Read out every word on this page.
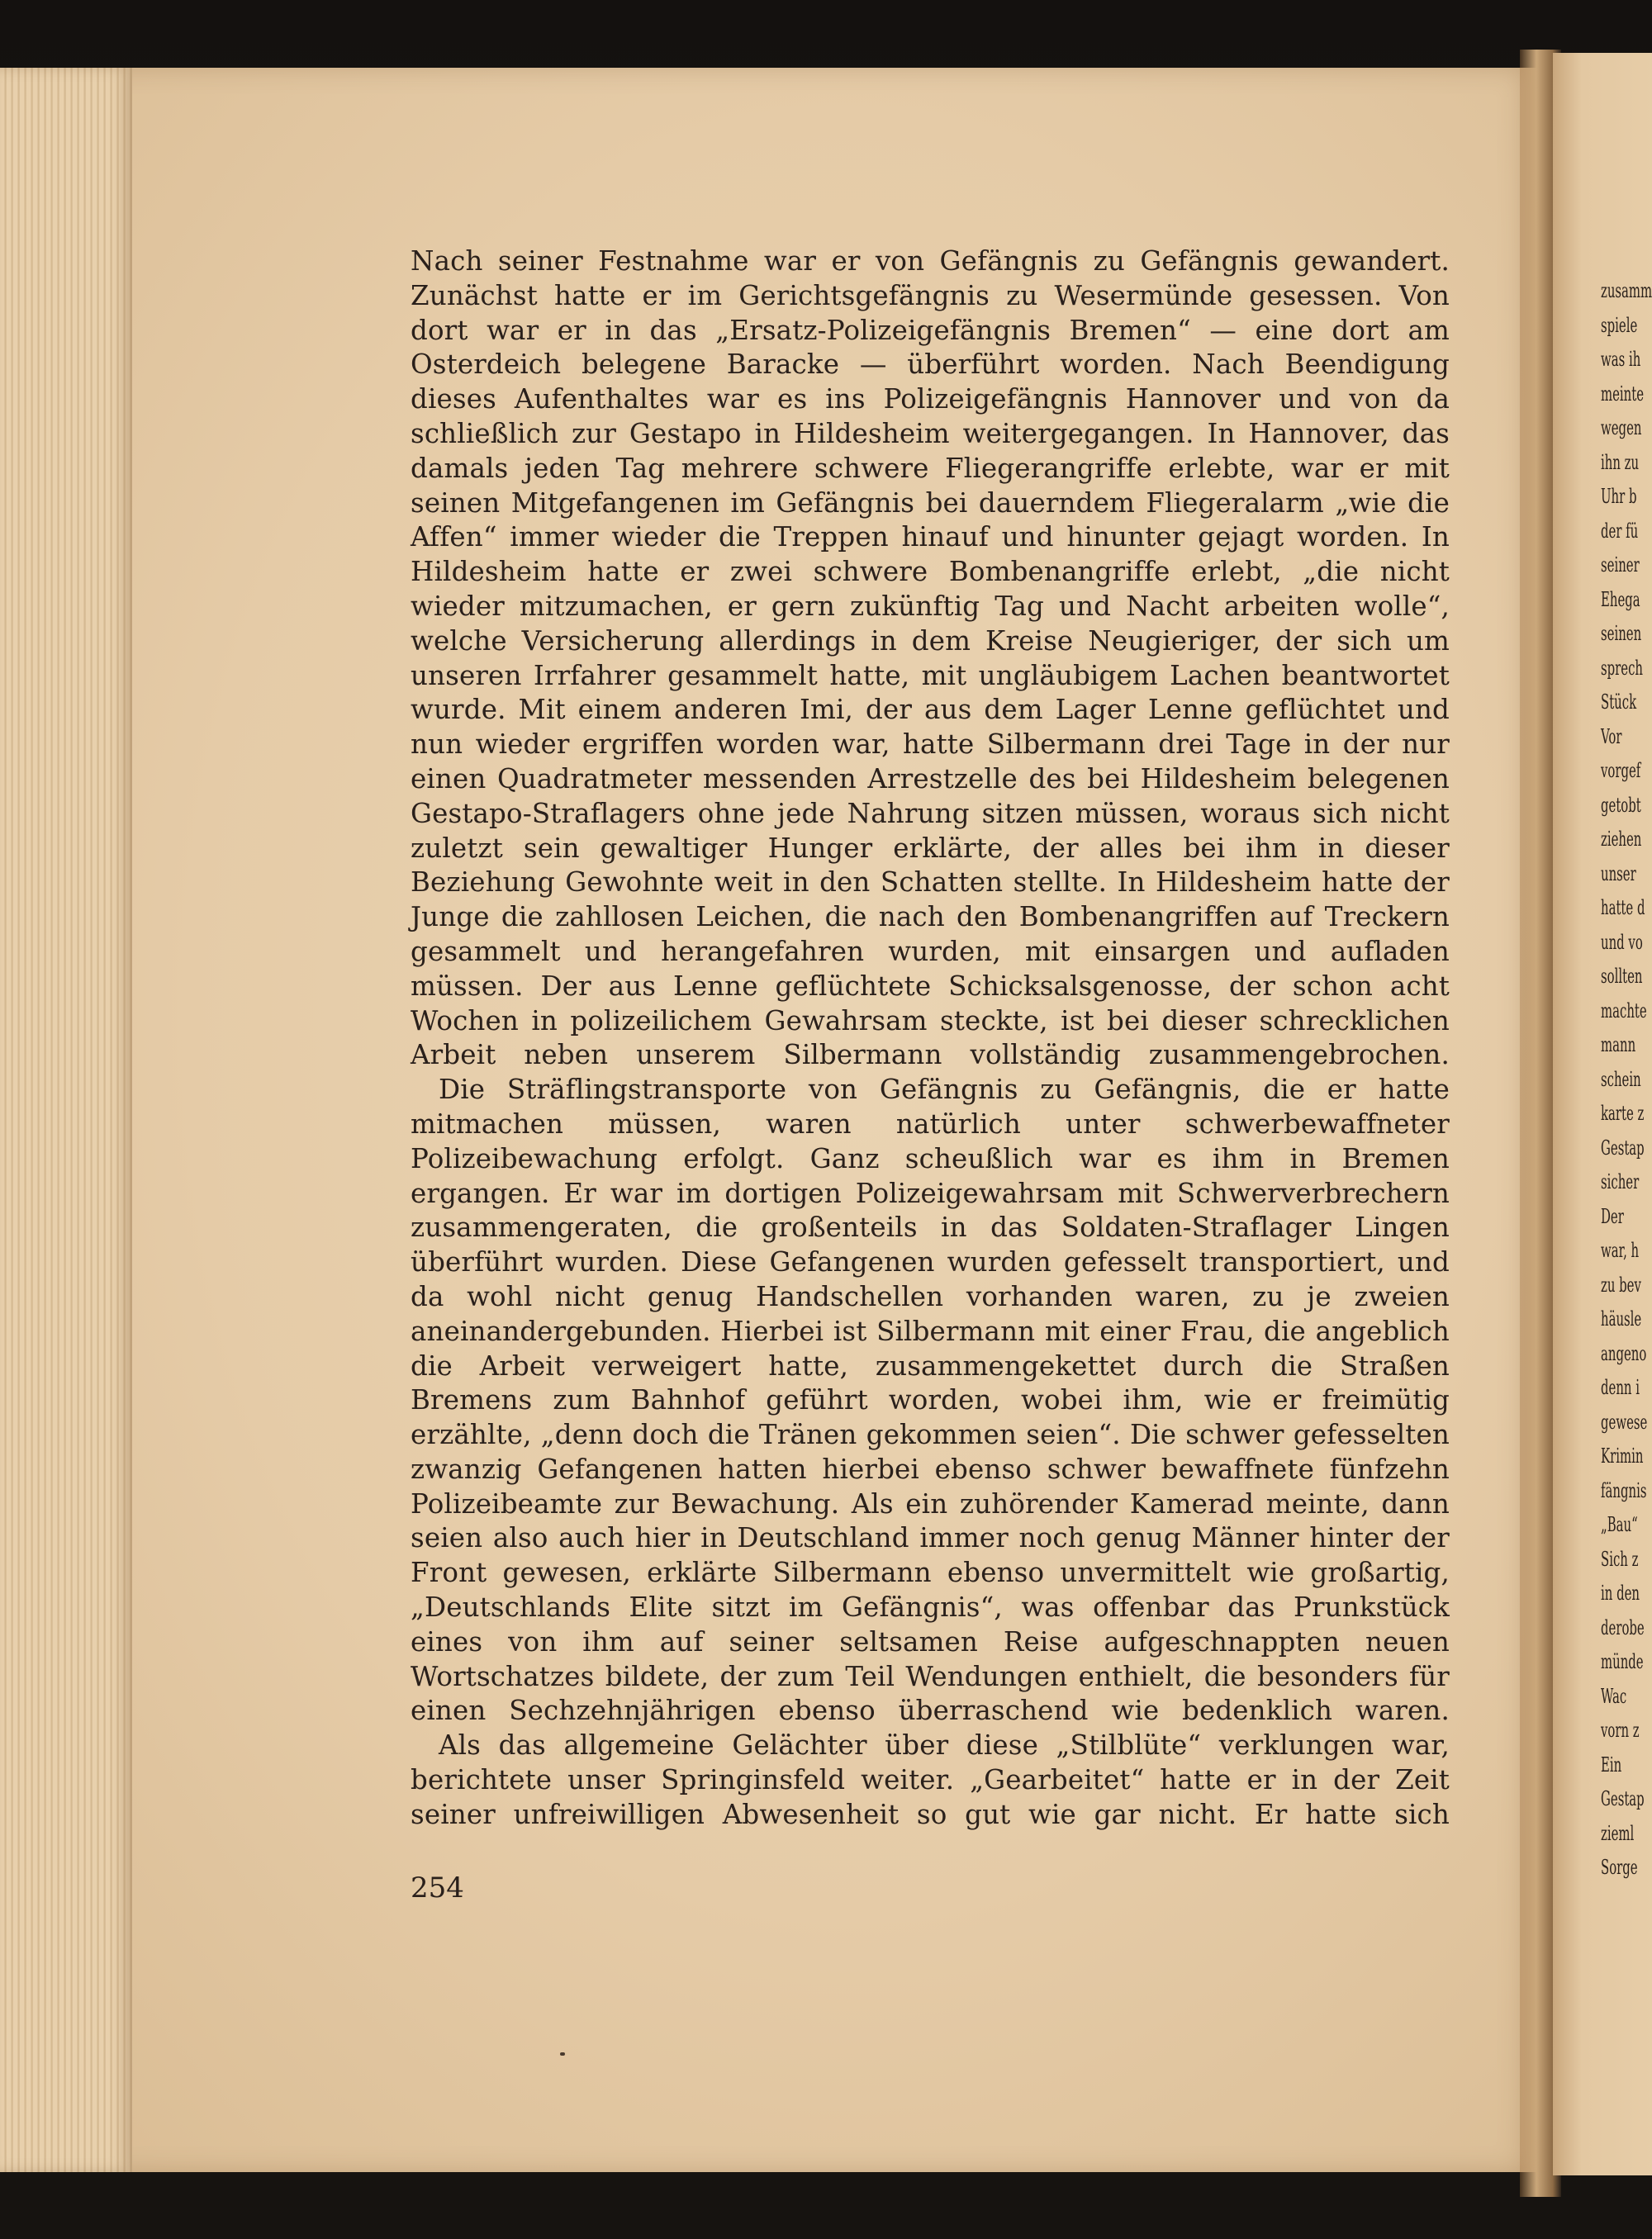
zusamm
spiele
was ih
meinte
wegen
ihn zu
Uhr b
der fü
seiner
Ehega
seinen
sprech
Stück
Vor
vorgef
getobt
ziehen
unser
hatte d
und vo
sollten
machte
mann
schein
karte z
Gestap
sicher
Der
war, h
zu bev
häusle
angeno
denn i
gewese
Krimin
fängnis
„Bau“
Sich z
in den
derobe
münde
Wac
vorn z
Ein
Gestap
zieml
Sorge

Nach seiner Festnahme war er von Gefängnis zu Gefängnis gewandert. Zunächst hatte er im Gerichtsgefängnis zu Wesermünde gesessen. Von dort war er in das „Ersatz-Polizeigefängnis Bremen“ — eine dort am Osterdeich belegene Baracke — überführt worden. Nach Beendigung dieses Aufenthaltes war es ins Polizeigefängnis Hannover und von da schließlich zur Gestapo in Hildesheim weitergegangen. In Hannover, das damals jeden Tag mehrere schwere Fliegerangriffe erlebte, war er mit seinen Mitgefangenen im Gefängnis bei dauerndem Fliegeralarm „wie die Affen“ immer wieder die Treppen hinauf und hinunter gejagt worden. In Hildesheim hatte er zwei schwere Bombenangriffe erlebt, „die nicht wieder mitzumachen, er gern zukünftig Tag und Nacht arbeiten wolle“, welche Versicherung allerdings in dem Kreise Neugieriger, der sich um unseren Irrfahrer gesammelt hatte, mit ungläubigem Lachen beantwortet wurde. Mit einem anderen Imi, der aus dem Lager Lenne geflüchtet und nun wieder ergriffen worden war, hatte Silbermann drei Tage in der nur einen Quadratmeter messenden Arrestzelle des bei Hildesheim belegenen Gestapo-Straflagers ohne jede Nahrung sitzen müssen, woraus sich nicht zuletzt sein gewaltiger Hunger erklärte, der alles bei ihm in dieser Beziehung Gewohnte weit in den Schatten stellte. In Hildesheim hatte der Junge die zahllosen Leichen, die nach den Bombenangriffen auf Treckern gesammelt und herangefahren wurden, mit einsargen und aufladen müssen. Der aus Lenne geflüchtete Schicksalsgenosse, der schon acht Wochen in polizeilichem Gewahrsam steckte, ist bei dieser schrecklichen Arbeit neben unserem Silbermann vollständig zusammengebrochen.

Die Sträflingstransporte von Gefängnis zu Gefängnis, die er hatte mitmachen müssen, waren natürlich unter schwerbewaffneter Polizeibewachung erfolgt. Ganz scheußlich war es ihm in Bremen ergangen. Er war im dortigen Polizeigewahrsam mit Schwerverbrechern zusammengeraten, die großenteils in das Soldaten-Straflager Lingen überführt wurden. Diese Gefangenen wurden gefesselt transportiert, und da wohl nicht genug Handschellen vorhanden waren, zu je zweien aneinandergebunden. Hierbei ist Silbermann mit einer Frau, die angeblich die Arbeit verweigert hatte, zusammengekettet durch die Straßen Bremens zum Bahnhof geführt worden, wobei ihm, wie er freimütig erzählte, „denn doch die Tränen gekommen seien“. Die schwer gefesselten zwanzig Gefangenen hatten hierbei ebenso schwer bewaffnete fünfzehn Polizeibeamte zur Bewachung. Als ein zuhörender Kamerad meinte, dann seien also auch hier in Deutschland immer noch genug Männer hinter der Front gewesen, erklärte Silbermann ebenso unvermittelt wie großartig, „Deutschlands Elite sitzt im Gefängnis“, was offenbar das Prunkstück eines von ihm auf seiner seltsamen Reise aufgeschnappten neuen Wortschatzes bildete, der zum Teil Wendungen enthielt, die besonders für einen Sechzehnjährigen ebenso überraschend wie bedenklich waren.

Als das allgemeine Gelächter über diese „Stilblüte“ verklungen war, berichtete unser Springinsfeld weiter. „Gearbeitet“ hatte er in der Zeit seiner unfreiwilligen Abwesenheit so gut wie gar nicht. Er hatte sich

254
